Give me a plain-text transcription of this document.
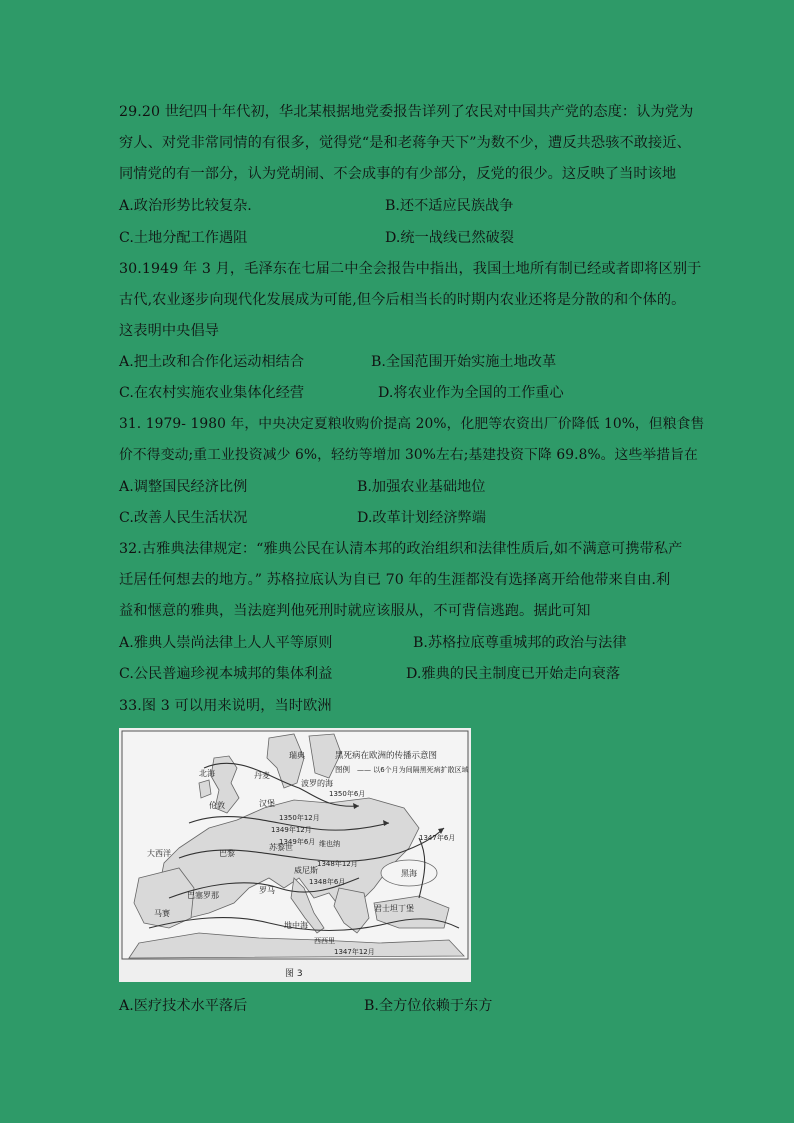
29.20 世纪四十年代初，华北某根据地党委报告详列了农民对中国共产党的态度：认为党为
穷人、对党非常同情的有很多，觉得党“是和老蒋争天下”为数不少，遭反共恐骇不敢接近、
同情党的有一部分，认为党胡闹、不会成事的有少部分，反党的很少。这反映了当时该地
A.政治形势比较复杂.	B.还不适应民族战争
C.土地分配工作遇阻	D.统一战线已然破裂
30.1949 年 3 月，毛泽东在七届二中全会报告中指出，我国土地所有制已经或者即将区别于
古代,农业逐步向现代化发展成为可能,但今后相当长的时期内农业还将是分散的和个体的。
这表明中央倡导
A.把土改和合作化运动相结合	B.全国范围开始实施土地改革
C.在农村实施农业集体化经营	D.将农业作为全国的工作重心
31. 1979- 1980 年，中央决定夏粮收购价提高 20%，化肥等农资出厂价降低 10%，但粮食售
价不得变动;重工业投资减少 6%，轻纺等增加 30%左右;基建投资下降 69.8%。这些举措旨在
A.调整国民经济比例	B.加强农业基础地位
C.改善人民生活状况	D.改革计划经济弊端
32.古雅典法律规定：“雅典公民在认清本邦的政治组织和法律性质后,如不满意可携带私产
迁居任何想去的地方。” 苏格拉底认为自已 70 年的生涯都没有选择离开给他带来自由.利
益和惬意的雅典，当法庭判他死刑时就应该服从，不可背信逃跑。据此可知
A.雅典人崇尚法律上人人平等原则	B.苏格拉底尊重城邦的政治与法律
C.公民普遍珍视本城邦的集体利益	D.雅典的民主制度已开始走向衰落
33.图 3 可以用来说明，当时欧洲
黑死病在欧洲的传播示意图
图例 —— 以6个月为间隔黑死病扩散区域
北海	丹麦
瑞典
伦敦
波罗的海
汉堡
大西洋	巴黎
苏黎世	维也纳
威尼斯
巴塞罗那
马赛
罗马
黑海
君士坦丁堡
地中海
西西里
1350年12月
1350年6月
1349年12月
1349年6月
1348年12月
1348年6月
1347年6月
1347年12月
图 3
A.医疗技术水平落后	B.全方位依赖于东方
